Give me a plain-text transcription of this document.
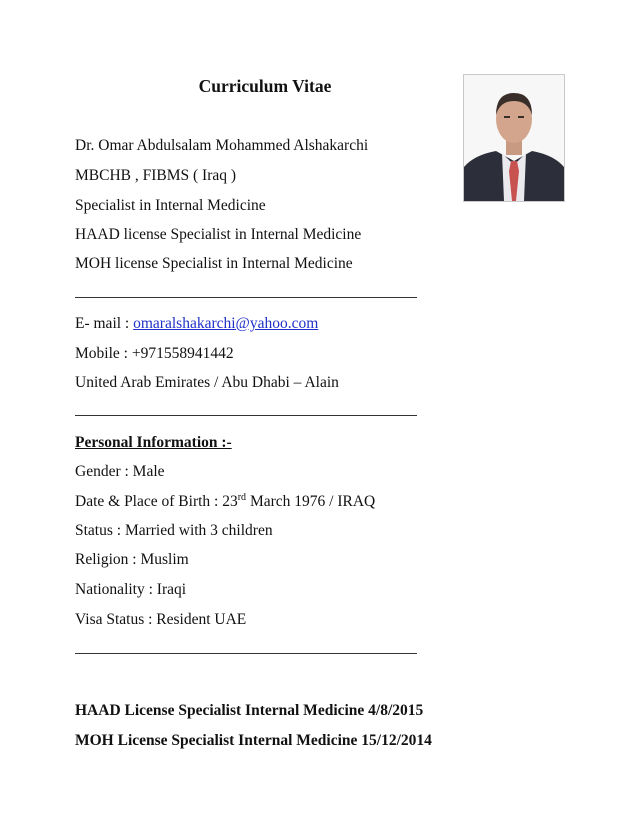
Curriculum Vitae
Dr. Omar Abdulsalam Mohammed Alshakarchi
MBCHB , FIBMS ( Iraq )
Specialist in Internal Medicine
HAAD license Specialist in Internal Medicine
MOH license Specialist in Internal Medicine
E- mail : omaralshakarchi@yahoo.com
Mobile : +971558941442
United Arab Emirates / Abu Dhabi – Alain
Personal Information :-
Gender : Male
Date & Place of Birth : 23rd March 1976 / IRAQ
Status : Married with 3 children
Religion : Muslim
Nationality : Iraqi
Visa Status : Resident UAE
HAAD License Specialist Internal Medicine 4/8/2015
MOH License Specialist Internal Medicine 15/12/2014
